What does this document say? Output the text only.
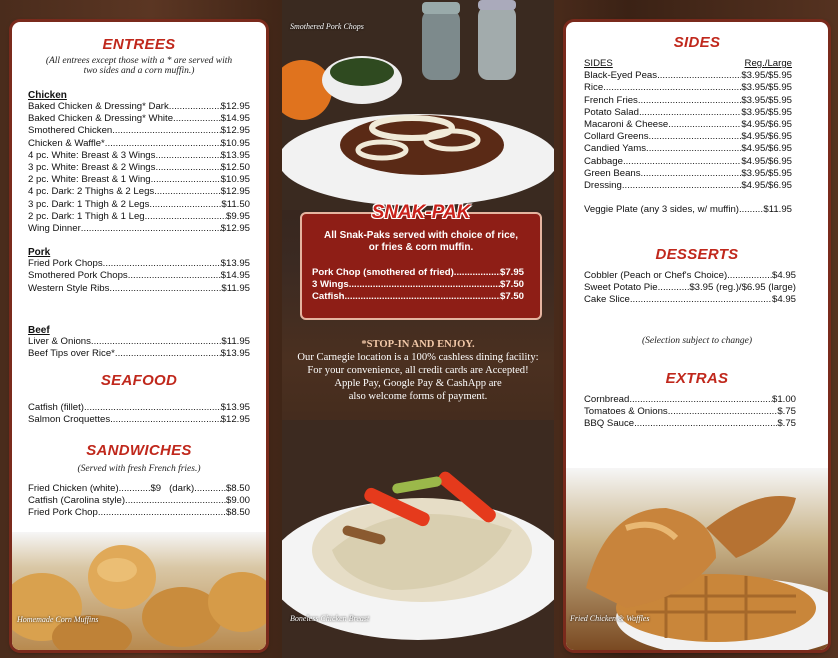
ENTREES
(All entrees except those with a * are served with two sides and a corn muffin.)
Chicken
Baked Chicken & Dressing* Dark .....	$12.95
Baked Chicken & Dressing* White .....	$14.95
Smothered Chicken .....	$12.95
Chicken & Waffle* .....	$10.95
4 pc. White: Breast & 3 Wings .....	$13.95
3 pc. White: Breast & 2 Wings .....	$12.50
2 pc. White: Breast & 1 Wing .....	$10.95
4 pc. Dark: 2 Thighs & 2 Legs .....	$12.95
3 pc. Dark: 1 Thigh & 2 Legs .....	$11.50
2 pc. Dark: 1 Thigh & 1 Leg .....	$9.95
Wing Dinner .....	$12.95
Pork
Fried Pork Chops .....	$13.95
Smothered Pork Chops .....	$14.95
Western Style Ribs .....	$11.95
Beef
Liver & Onions .....	$11.95
Beef Tips over Rice* .....	$13.95
SEAFOOD
Catfish (fillet) .....	$13.95
Salmon Croquettes .....	$12.95
SANDWICHES
(Served with fresh French fries.)
Fried Chicken (white) .....	$9   (dark) .....	$8.50
Catfish (Carolina style) .....	$9.00
Fried Pork Chop .....	$8.50
Homemade Corn Muffins
Smothered Pork Chops
Boneless Chicken Breast
SNAK-PAK
All Snak-Paks served with choice of rice, or fries & corn muffin.
Pork Chop (smothered of fried) .....	$7.95
3 Wings .....	$7.50
Catfish .....	$7.50
*STOP-IN AND ENJOY.
Our Carnegie location is a 100% cashless dining facility:
For your convenience, all credit cards are Accepted!
Apple Pay, Google Pay & CashApp are
also welcome forms of payment.
SIDES
SIDES	Reg./Large
Black-Eyed Peas .....	$3.95/$5.95
Rice .....	$3.95/$5.95
French Fries .....	$3.95/$5.95
Potato Salad .....	$3.95/$5.95
Macaroni & Cheese .....	$4.95/$6.95
Collard Greens .....	$4.95/$6.95
Candied Yams .....	$4.95/$6.95
Cabbage .....	$4.95/$6.95
Green Beans .....	$3.95/$5.95
Dressing .....	$4.95/$6.95
Veggie Plate (any 3 sides, w/ muffin) .....	$11.95
DESSERTS
Cobbler (Peach or Chef's Choice) .....	$4.95
Sweet Potato Pie .....	$3.95 (reg.)/ $6.95 (large)
Cake Slice .....	$4.95
(Selection subject to change)
EXTRAS
Cornbread .....	$1.00
Tomatoes & Onions .....	$.75
BBQ Sauce .....	$.75
Fried Chicken & Waffles
